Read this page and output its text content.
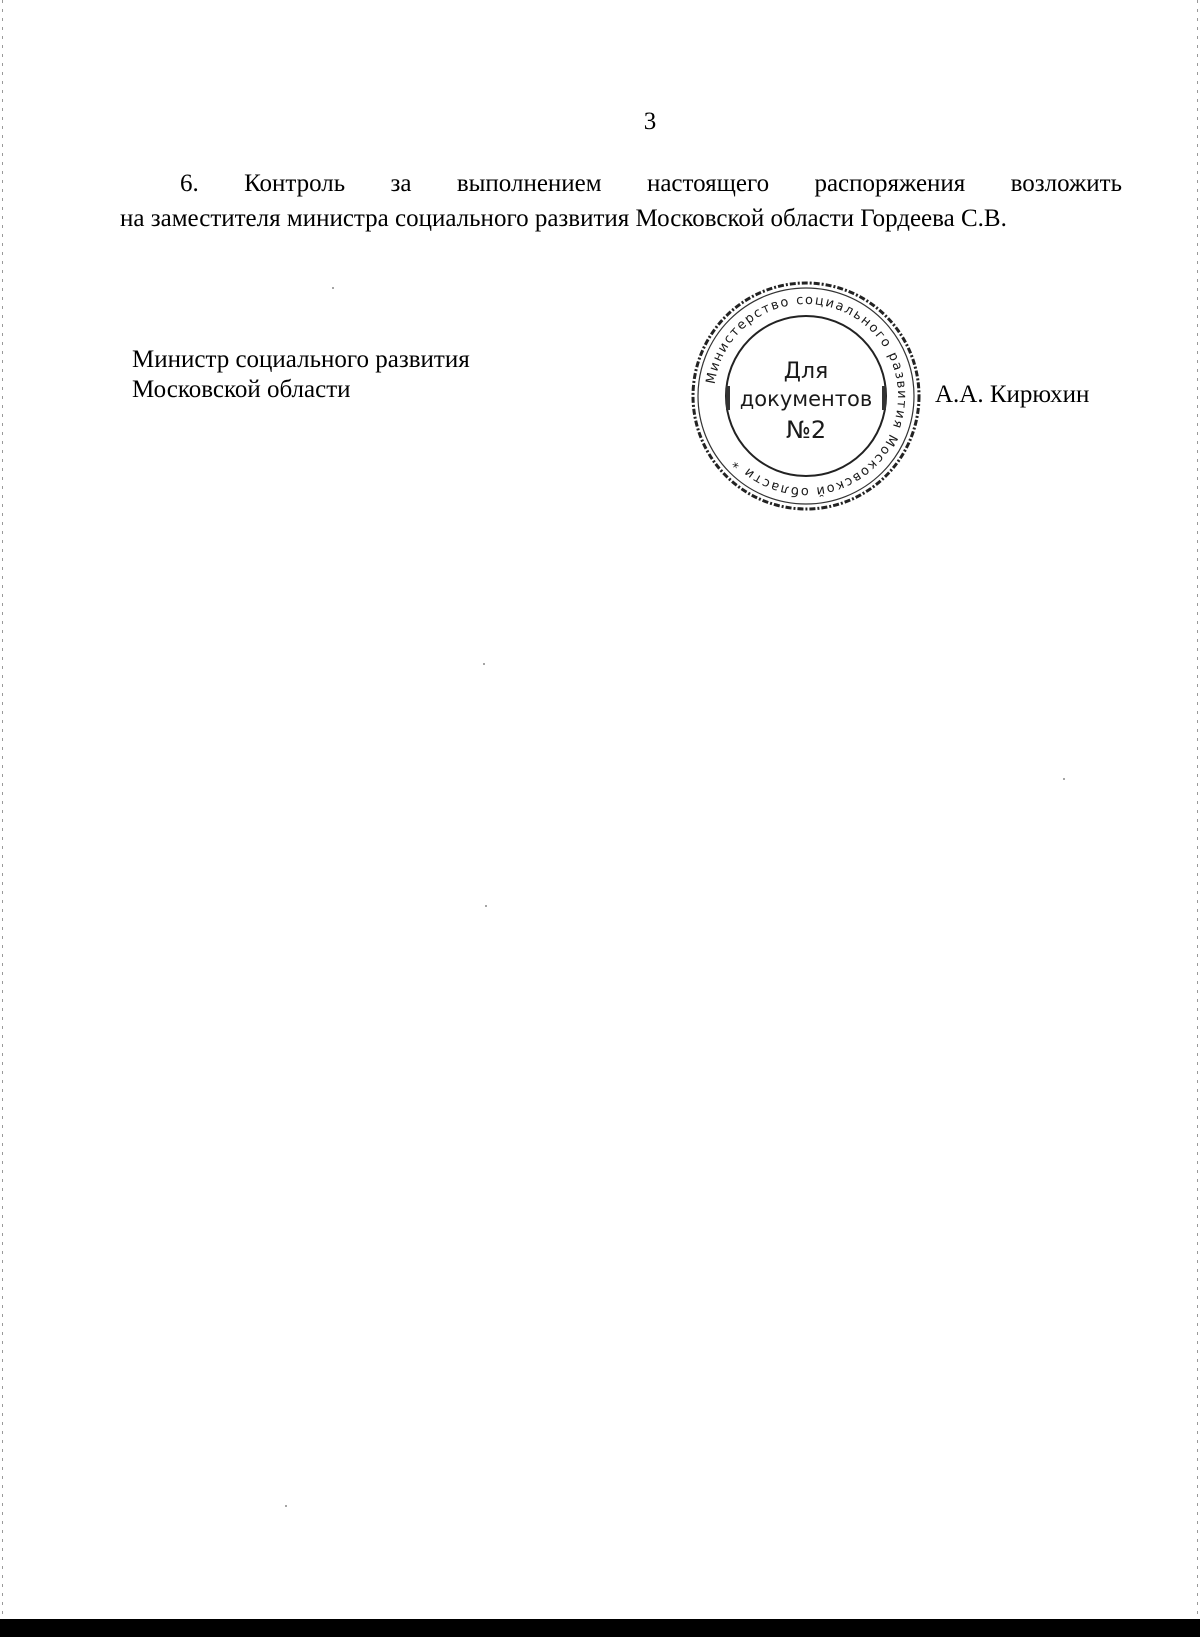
3
6. Контроль за выполнением настоящего распоряжения возложить
на заместителя министра социального развития Московской области Гордеева С.В.
Министр социального развития
Московской области	Министерство социального развития Московской области *
Для
документов
№2
А.А. Кирюхин
